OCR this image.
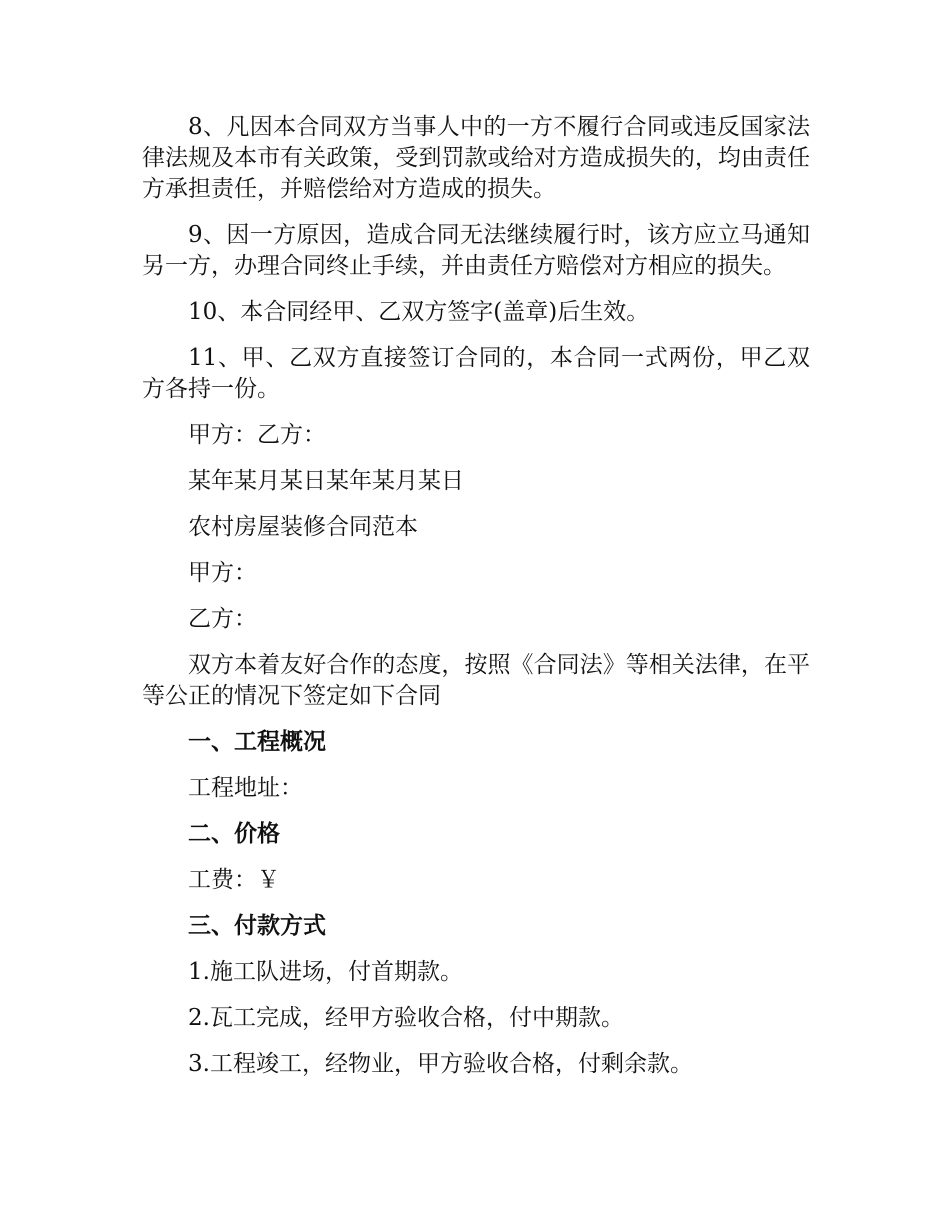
8、凡因本合同双方当事人中的一方不履行合同或违反国家法律法规及本市有关政策，受到罚款或给对方造成损失的，均由责任方承担责任，并赔偿给对方造成的损失。

9、因一方原因，造成合同无法继续履行时，该方应立马通知另一方，办理合同终止手续，并由责任方赔偿对方相应的损失。

10、本合同经甲、乙双方签字(盖章)后生效。

11、甲、乙双方直接签订合同的，本合同一式两份，甲乙双方各持一份。

甲方：乙方：

某年某月某日某年某月某日

农村房屋装修合同范本

甲方：

乙方：

双方本着友好合作的态度，按照《合同法》等相关法律，在平等公正的情况下签定如下合同

一、工程概况

工程地址：

二、价格

工费：￥

三、付款方式

1.施工队进场，付首期款。

2.瓦工完成，经甲方验收合格，付中期款。

3.工程竣工，经物业，甲方验收合格，付剩余款。
